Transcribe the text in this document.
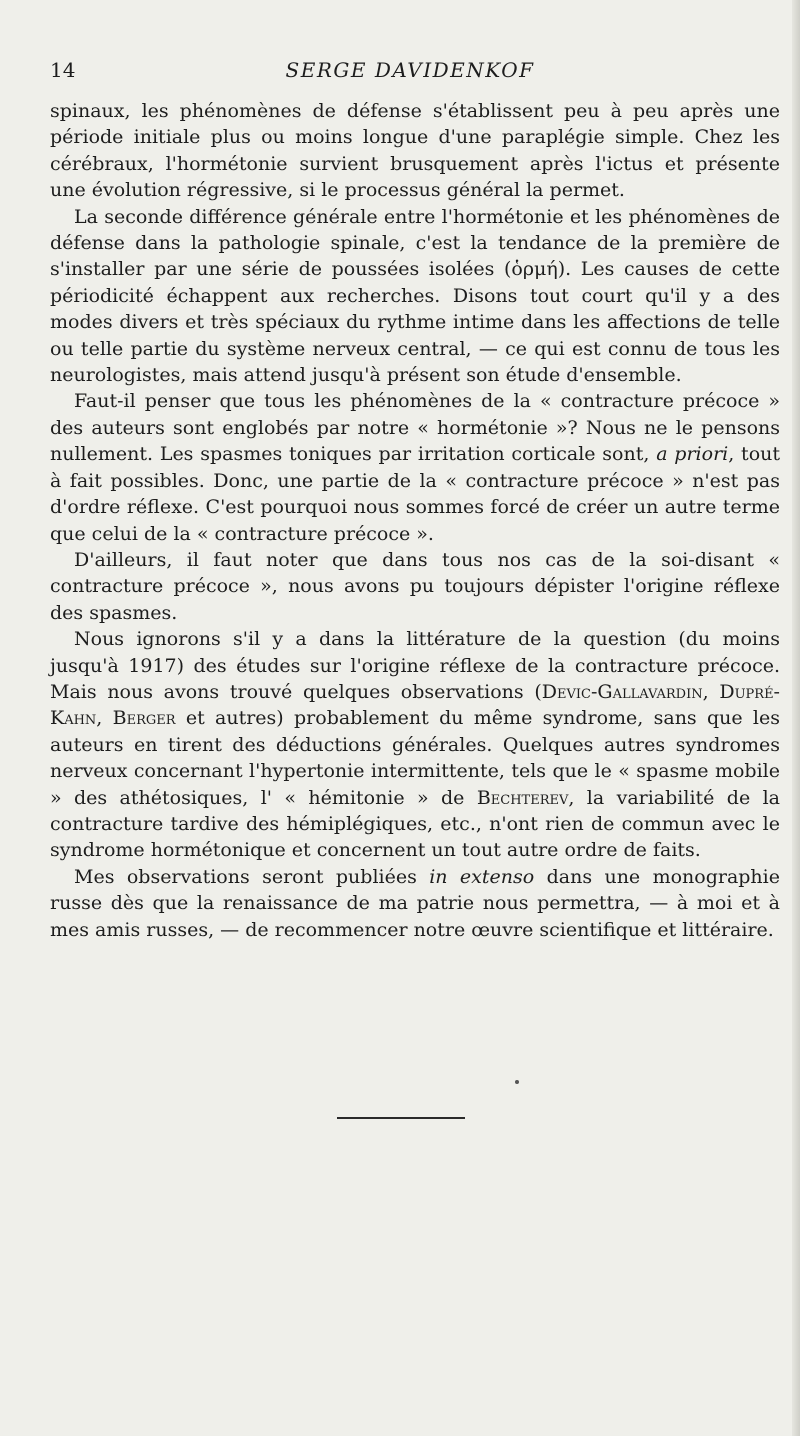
14	SERGE DAVIDENKOF

spinaux, les phénomènes de défense s'établissent peu à peu après une période initiale plus ou moins longue d'une paraplégie simple. Chez les cérébraux, l'hormétonie survient brusquement après l'ictus et présente une évolution régressive, si le processus général la permet.

La seconde différence générale entre l'hormétonie et les phénomènes de défense dans la pathologie spinale, c'est la tendance de la première de s'installer par une série de poussées isolées (ὁρμή). Les causes de cette périodicité échappent aux recherches. Disons tout court qu'il y a des modes divers et très spéciaux du rythme intime dans les affections de telle ou telle partie du système nerveux central, — ce qui est connu de tous les neurologistes, mais attend jusqu'à présent son étude d'ensemble.

Faut-il penser que tous les phénomènes de la « contracture précoce » des auteurs sont englobés par notre « hormétonie »? Nous ne le pensons nullement. Les spasmes toniques par irritation corticale sont, a priori, tout à fait possibles. Donc, une partie de la « contracture précoce » n'est pas d'ordre réflexe. C'est pourquoi nous sommes forcé de créer un autre terme que celui de la « contracture précoce ».

D'ailleurs, il faut noter que dans tous nos cas de la soi-disant « contracture précoce », nous avons pu toujours dépister l'origine réflexe des spasmes.

Nous ignorons s'il y a dans la littérature de la question (du moins jusqu'à 1917) des études sur l'origine réflexe de la contracture précoce. Mais nous avons trouvé quelques observations (Devic-Gallavardin, Dupré-Kahn, Berger et autres) probablement du même syndrome, sans que les auteurs en tirent des déductions générales. Quelques autres syndromes nerveux concernant l'hypertonie intermittente, tels que le « spasme mobile » des athétosiques, l' « hémitonie » de Bechterev, la variabilité de la contracture tardive des hémiplégiques, etc., n'ont rien de commun avec le syndrome hormétonique et concernent un tout autre ordre de faits.

Mes observations seront publiées in extenso dans une monographie russe dès que la renaissance de ma patrie nous permettra, — à moi et à mes amis russes, — de recommencer notre œuvre scientifique et littéraire.
